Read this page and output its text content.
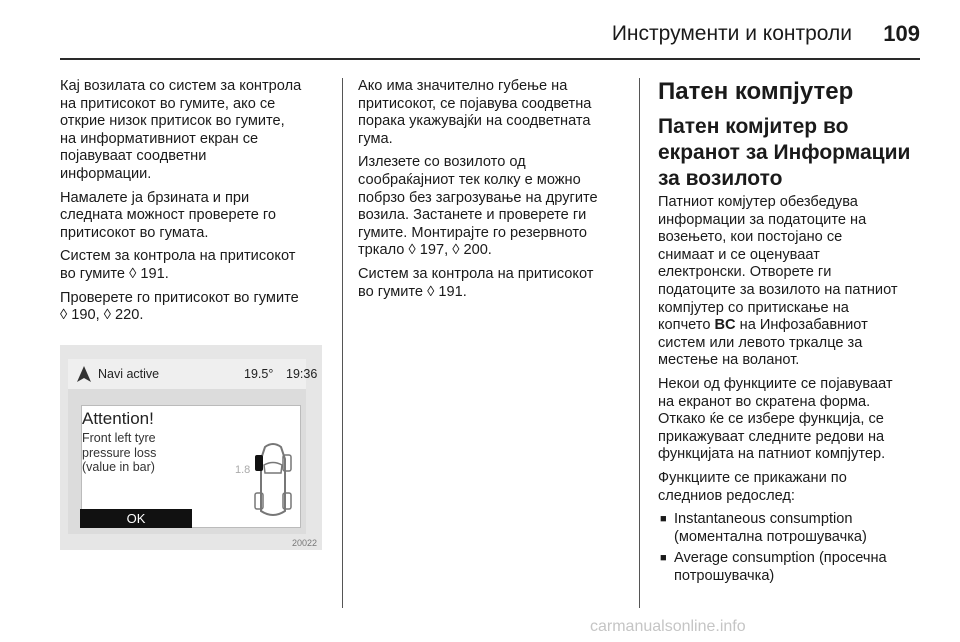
Инструменти и контроли 109

Кај возилата со систем за контрола
на притисокот во гумите, ако се
открие низок притисок во гумите,
на информативниот екран се
појавуваат соодветни
информации.

Намалете ја брзината и при
следната можност проверете го
притисокот во гумата.

Систем за контрола на притисокот
во гумите ◊ 191.

Проверете го притисокот во гумите
◊ 190, ◊ 220.

Navi active	19.5° 19:36
Attention!
Front left tyre
pressure loss
(value in bar)	1.8
OK
20022

Ако има значително губење на
притисокот, се појавува соодветна
порака укажувајќи на соодветната
гума.

Излезете со возилото од
сообраќајниот тек колку е можно
побрзо без загрозување на другите
возила. Застанете и проверете ги
гумите. Монтирајте го резервното
тркало ◊ 197, ◊ 200.

Систем за контрола на притисокот
во гумите ◊ 191.

Патен компјутер
Патен комјитер во
екранот за Информации
за возилото

Патниот комјутер обезбедува
информации за податоците на
возењето, кои постојано се
снимаат и се оценуваат
електронски. Отворете ги
податоците за возилото на патниот
компјутер со притискање на
копчето BC на Инфозабавниот
систем или левото тркалце за
местење на воланот.

Некои од функциите се појавуваат
на екранот во скратена форма.
Откако ќе се избере функција, се
прикажуваат следните редови на
функцијата на патниот компјутер.

Функциите се прикажани по
следниов редослед:

■ Instantaneous consumption
(моментална потрошувачка)
■ Average consumption (просечна
потрошувачка)
carmanualsonline.info
